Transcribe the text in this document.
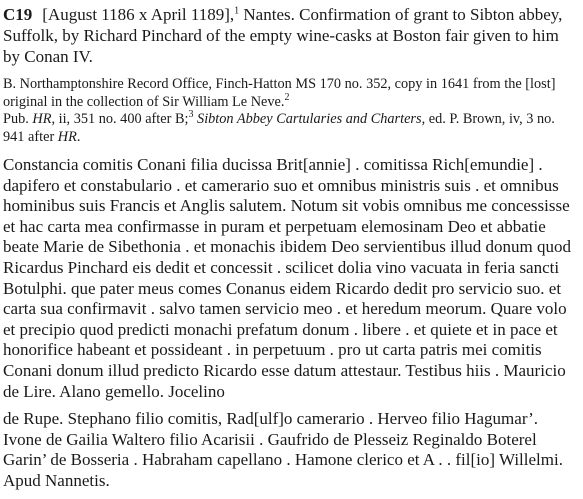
C19 [August 1186 x April 1189],$^1$ Nantes. Confirmation of grant to Sibton abbey, Suffolk, by Richard Pinchard of the empty wine-casks at Boston fair given to him by Conan IV.

B. Northamptonshire Record Office, Finch-Hatton MS 170 no. 352, copy in 1641 from the [lost] original in the collection of Sir William Le Neve.$^2$

Pub. HR, ii, 351 no. 400 after B;$^3$ Sibton Abbey Cartularies and Charters, ed. P. Brown, iv, 3 no. 941 after HR.

Constancia comitis Conani filia ducissa Brit[annie] . comitissa Rich[emundie] . dapifero et constabulario . et camerario suo et omnibus ministris suis . et omnibus hominibus suis Francis et Anglis salutem. Notum sit vobis omnibus me concessisse et hac carta mea confirmasse in puram et perpetuam elemosinam Deo et abbatie beate Marie de Sibethonia . et monachis ibidem Deo servientibus illud donum quod Ricardus Pinchard eis dedit et concessit . scilicet dolia vino vacuata in feria sancti Botulphi. que pater meus comes Conanus eidem Ricardo dedit pro servicio suo. et carta sua confirmavit . salvo tamen servicio meo . et heredum meorum. Quare volo et precipio quod predicti monachi prefatum donum . libere . et quiete et in pace et honorifice habeant et possideant . in perpetuum . pro ut carta patris mei comitis Conani donum illud predicto Ricardo esse datum attestaur. Testibus hiis . Mauricio de Lire. Alano gemello. Jocelino

de Rupe. Stephano filio comitis, Rad[ulf]o camerario . Herveo filio Hagumar’. Ivone de Gailia Waltero filio Acarisii . Gaufrido de Plesseiz Reginaldo Boterel Garin’ de Bosseria . Habraham capellano . Hamone clerico et A . . fil[io] Willelmi. Apud Nannetis.
